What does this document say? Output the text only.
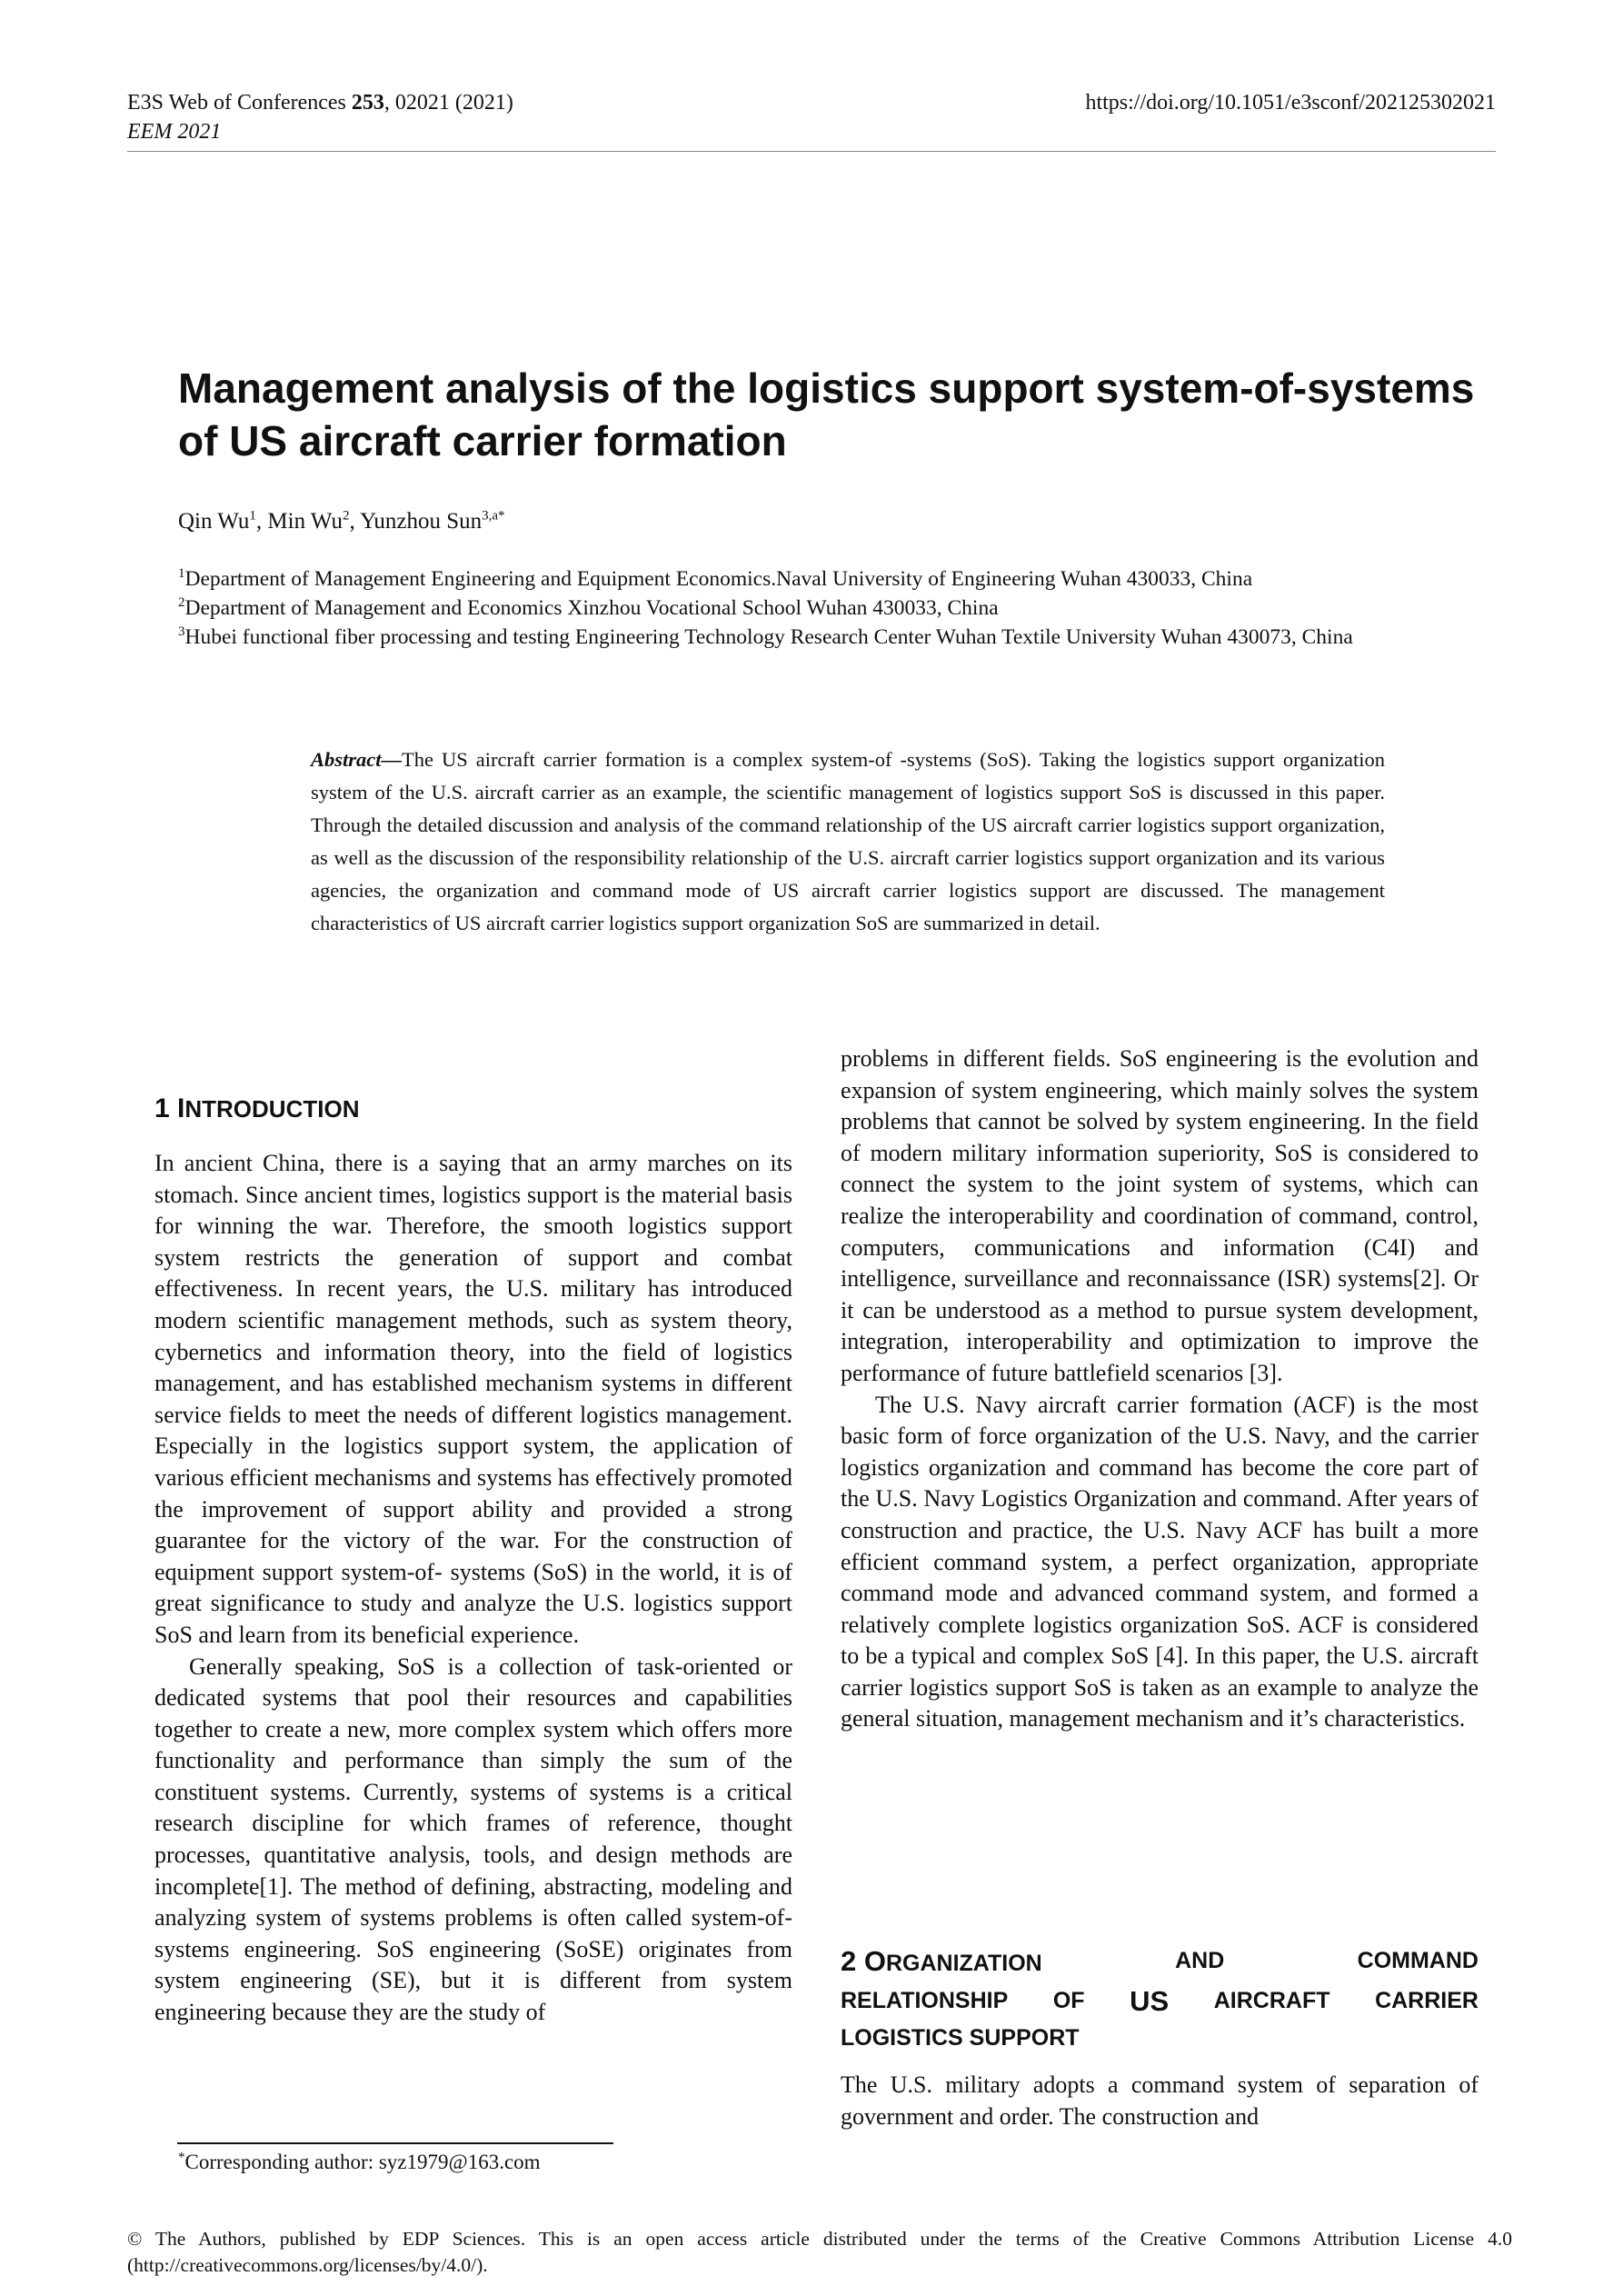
E3S Web of Conferences 253, 02021 (2021)
EEM 2021
https://doi.org/10.1051/e3sconf/202125302021
Management analysis of the logistics support system-of-systems
of US aircraft carrier formation
Qin Wu$^1$, Min Wu$^2$, Yunzhou Sun$^{3,a*}$
$^1$Department of Management Engineering and Equipment Economics.Naval University of Engineering Wuhan 430033, China
$^2$Department of Management and Economics Xinzhou Vocational School Wuhan 430033, China
$^3$Hubei functional fiber processing and testing Engineering Technology Research Center Wuhan Textile University Wuhan 430073, China
Abstract—The US aircraft carrier formation is a complex system-of -systems (SoS). Taking the logistics support organization system of the U.S. aircraft carrier as an example, the scientific management of logistics support SoS is discussed in this paper. Through the detailed discussion and analysis of the command relationship of the US aircraft carrier logistics support organization, as well as the discussion of the responsibility relationship of the U.S. aircraft carrier logistics support organization and its various agencies, the organization and command mode of US aircraft carrier logistics support are discussed. The management characteristics of US aircraft carrier logistics support organization SoS are summarized in detail.
1 INTRODUCTION

In ancient China, there is a saying that an army marches on its stomach. Since ancient times, logistics support is the material basis for winning the war. Therefore, the smooth logistics support system restricts the generation of support and combat effectiveness. In recent years, the U.S. military has introduced modern scientific management methods, such as system theory, cybernetics and information theory, into the field of logistics management, and has established mechanism systems in different service fields to meet the needs of different logistics management. Especially in the logistics support system, the application of various efficient mechanisms and systems has effectively promoted the improvement of support ability and provided a strong guarantee for the victory of the war. For the construction of equipment support system-of- systems (SoS) in the world, it is of great significance to study and analyze the U.S. logistics support SoS and learn from its beneficial experience.

Generally speaking, SoS is a collection of task-oriented or dedicated systems that pool their resources and capabilities together to create a new, more complex system which offers more functionality and performance than simply the sum of the constituent systems. Currently, systems of systems is a critical research discipline for which frames of reference, thought processes, quantitative analysis, tools, and design methods are incomplete[1]. The method of defining, abstracting, modeling and analyzing system of systems problems is often called system-of-systems engineering. SoS engineering (SoSE) originates from system engineering (SE), but it is different from system engineering because they are the study of

problems in different fields. SoS engineering is the evolution and expansion of system engineering, which mainly solves the system problems that cannot be solved by system engineering. In the field of modern military information superiority, SoS is considered to connect the system to the joint system of systems, which can realize the interoperability and coordination of command, control, computers, communications and information (C4I) and intelligence, surveillance and reconnaissance (ISR) systems[2]. Or it can be understood as a method to pursue system development, integration, interoperability and optimization to improve the performance of future battlefield scenarios [3].

The U.S. Navy aircraft carrier formation (ACF) is the most basic form of force organization of the U.S. Navy, and the carrier logistics organization and command has become the core part of the U.S. Navy Logistics Organization and command. After years of construction and practice, the U.S. Navy ACF has built a more efficient command system, a perfect organization, appropriate command mode and advanced command system, and formed a relatively complete logistics organization SoS. ACF is considered to be a typical and complex SoS [4]. In this paper, the U.S. aircraft carrier logistics support SoS is taken as an example to analyze the general situation, management mechanism and it’s characteristics.

2 ORGANIZATION	AND	COMMAND
RELATIONSHIP OF US AIRCRAFT CARRIER
LOGISTICS SUPPORT

The U.S. military adopts a command system of separation of government and order. The construction and

*Corresponding author: syz1979@163.com
© The Authors, published by EDP Sciences. This is an open access article distributed under the terms of the Creative Commons Attribution License 4.0 (http://creativecommons.org/licenses/by/4.0/).
